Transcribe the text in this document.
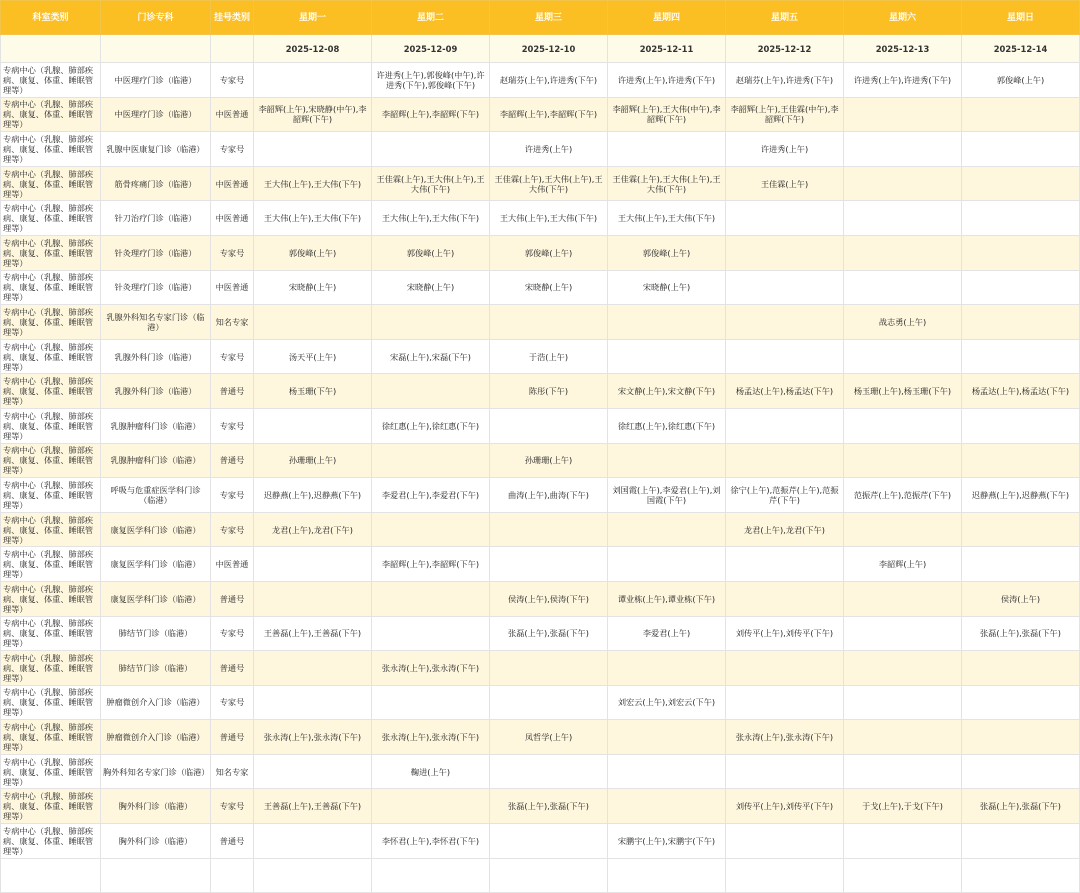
科室类别	门诊专科	挂号类别	星期一	星期二	星期三	星期四	星期五	星期六	星期日
			2025-12-08	2025-12-09	2025-12-10	2025-12-11	2025-12-12	2025-12-13	2025-12-14
专病中心（乳腺、肺部疾病、康复、体重、睡眠管理等）	中医理疗门诊（临港）	专家号		许进秀(上午),郭俊峰(中午),许进秀(下午),郭俊峰(下午)	赵瑞芬(上午),许进秀(下午)	许进秀(上午),许进秀(下午)	赵瑞芬(上午),许进秀(下午)	许进秀(上午),许进秀(下午)	郭俊峰(上午)
专病中心（乳腺、肺部疾病、康复、体重、睡眠管理等）	中医理疗门诊（临港）	中医普通	李韶辉(上午),宋晓静(中午),李韶辉(下午)	李韶辉(上午),李韶辉(下午)	李韶辉(上午),李韶辉(下午)	李韶辉(上午),王大伟(中午),李韶辉(下午)	李韶辉(上午),王佳霖(中午),李韶辉(下午)		
专病中心（乳腺、肺部疾病、康复、体重、睡眠管理等）	乳腺中医康复门诊（临港）	专家号			许进秀(上午)		许进秀(上午)		
专病中心（乳腺、肺部疾病、康复、体重、睡眠管理等）	筋骨疼痛门诊（临港）	中医普通	王大伟(上午),王大伟(下午)	王佳霖(上午),王大伟(上午),王大伟(下午)	王佳霖(上午),王大伟(上午),王大伟(下午)	王佳霖(上午),王大伟(上午),王大伟(下午)	王佳霖(上午)		
专病中心（乳腺、肺部疾病、康复、体重、睡眠管理等）	针刀治疗门诊（临港）	中医普通	王大伟(上午),王大伟(下午)	王大伟(上午),王大伟(下午)	王大伟(上午),王大伟(下午)	王大伟(上午),王大伟(下午)			
专病中心（乳腺、肺部疾病、康复、体重、睡眠管理等）	针灸理疗门诊（临港）	专家号	郭俊峰(上午)	郭俊峰(上午)	郭俊峰(上午)	郭俊峰(上午)			
专病中心（乳腺、肺部疾病、康复、体重、睡眠管理等）	针灸理疗门诊（临港）	中医普通	宋晓静(上午)	宋晓静(上午)	宋晓静(上午)	宋晓静(上午)			
专病中心（乳腺、肺部疾病、康复、体重、睡眠管理等）	乳腺外科知名专家门诊（临港）	知名专家						战志勇(上午)	
专病中心（乳腺、肺部疾病、康复、体重、睡眠管理等）	乳腺外科门诊（临港）	专家号	汤天平(上午)	宋磊(上午),宋磊(下午)	于浩(上午)				
专病中心（乳腺、肺部疾病、康复、体重、睡眠管理等）	乳腺外科门诊（临港）	普通号	杨玉珊(下午)		陈彤(下午)	宋文静(上午),宋文静(下午)	杨孟达(上午),杨孟达(下午)	杨玉珊(上午),杨玉珊(下午)	杨孟达(上午),杨孟达(下午)
专病中心（乳腺、肺部疾病、康复、体重、睡眠管理等）	乳腺肿瘤科门诊（临港）	专家号		徐红惠(上午),徐红惠(下午)		徐红惠(上午),徐红惠(下午)			
专病中心（乳腺、肺部疾病、康复、体重、睡眠管理等）	乳腺肿瘤科门诊（临港）	普通号	孙珊珊(上午)		孙珊珊(上午)				
专病中心（乳腺、肺部疾病、康复、体重、睡眠管理等）	呼吸与危重症医学科门诊（临港）	专家号	迟静燕(上午),迟静燕(下午)	李爱君(上午),李爱君(下午)	曲涛(上午),曲涛(下午)	刘国霞(上午),李爱君(上午),刘国霞(下午)	徐宁(上午),范振芹(上午),范振芹(下午)	范振芹(上午),范振芹(下午)	迟静燕(上午),迟静燕(下午)
专病中心（乳腺、肺部疾病、康复、体重、睡眠管理等）	康复医学科门诊（临港）	专家号	龙君(上午),龙君(下午)				龙君(上午),龙君(下午)		
专病中心（乳腺、肺部疾病、康复、体重、睡眠管理等）	康复医学科门诊（临港）	中医普通		李韶辉(上午),李韶辉(下午)				李韶辉(上午)	
专病中心（乳腺、肺部疾病、康复、体重、睡眠管理等）	康复医学科门诊（临港）	普通号			侯涛(上午),侯涛(下午)	谭业栋(上午),谭业栋(下午)			侯涛(上午)
专病中心（乳腺、肺部疾病、康复、体重、睡眠管理等）	肺结节门诊（临港）	专家号	王善磊(上午),王善磊(下午)		张磊(上午),张磊(下午)	李爱君(上午)	刘传平(上午),刘传平(下午)		张磊(上午),张磊(下午)
专病中心（乳腺、肺部疾病、康复、体重、睡眠管理等）	肺结节门诊（临港）	普通号		张永涛(上午),张永涛(下午)					
专病中心（乳腺、肺部疾病、康复、体重、睡眠管理等）	肿瘤微创介入门诊（临港）	专家号				刘宏云(上午),刘宏云(下午)			
专病中心（乳腺、肺部疾病、康复、体重、睡眠管理等）	肿瘤微创介入门诊（临港）	普通号	张永涛(上午),张永涛(下午)	张永涛(上午),张永涛(下午)	凤哲学(上午)		张永涛(上午),张永涛(下午)		
专病中心（乳腺、肺部疾病、康复、体重、睡眠管理等）	胸外科知名专家门诊（临港）	知名专家		鞠进(上午)					
专病中心（乳腺、肺部疾病、康复、体重、睡眠管理等）	胸外科门诊（临港）	专家号	王善磊(上午),王善磊(下午)		张磊(上午),张磊(下午)		刘传平(上午),刘传平(下午)	于戈(上午),于戈(下午)	张磊(上午),张磊(下午)
专病中心（乳腺、肺部疾病、康复、体重、睡眠管理等）	胸外科门诊（临港）	普通号		李怀君(上午),李怀君(下午)		宋鹏宇(上午),宋鹏宇(下午)			
